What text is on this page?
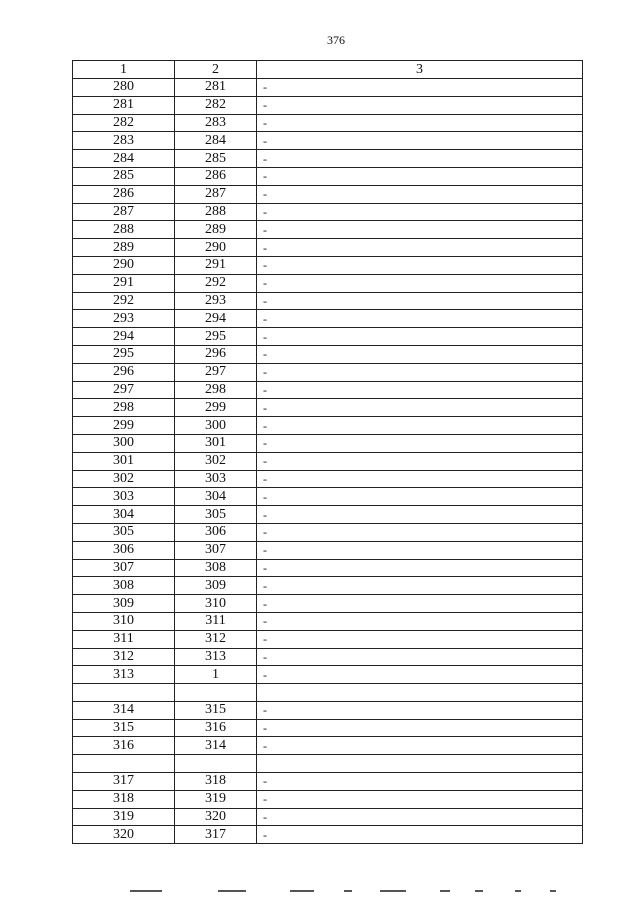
376
1	2	3
280	281	-
281	282	-
282	283	-
283	284	-
284	285	-
285	286	-
286	287	-
287	288	-
288	289	-
289	290	-
290	291	-
291	292	-
292	293	-
293	294	-
294	295	-
295	296	-
296	297	-
297	298	-
298	299	-
299	300	-
300	301	-
301	302	-
302	303	-
303	304	-
304	305	-
305	306	-
306	307	-
307	308	-
308	309	-
309	310	-
310	311	-
311	312	-
312	313	-
313	1	-

314	315	-
315	316	-
316	314	-

317	318	-
318	319	-
319	320	-
320	317	-
